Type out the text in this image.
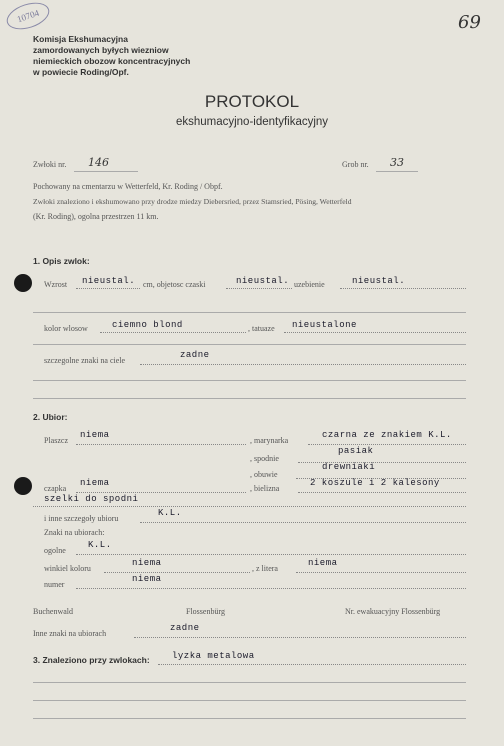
10704	69
Komisja Ekshumacyjna
zamordowanych byłych wiezniow
niemieckich obozow koncentracyjnych
w powiecie Roding/Opf.
PROTOKOL
ekshumacyjno-identyfikacyjny
Zwłoki nr. 146	Grob nr. 33
Pochowany na cmentarzu w Wetterfeld, Kr. Roding / Obpf.
Zwłoki znaleziono i ekshumowano przy drodze miedzy Diebersried, przez Stamsried, Pösing, Wetterfeld
(Kr. Roding), ogolna przestrzen 11 km.
1. Opis zwlok:
Wzrost nieustal. cm, objetosc czaski	nieustal. uzebienie	nieustal.
kolor wlosow	ciemno blond	, tatuaze nieustalone
szczegolne znaki na ciele
zadne
2. Ubior:
Plaszcz
niema
, marynarka
czarna ze znakiem K.L.
, spodnie
pasiak
, obuwie
drewniaki
czapka
niema
, bielizna
2 koszule i 2 kalesony
szelki do spodni
i inne szczegoły ubioru
K.L.
Znaki na ubiorach:
ogolne
K.L.
winkiel koloru
niema
, z litera
niema
numer
niema
Buchenwald	Flossenbürg	Nr. ewakuacyjny Flossenbürg
Inne znaki na ubiorach
zadne
3. Znaleziono przy zwlokach: lyzka metalowa
